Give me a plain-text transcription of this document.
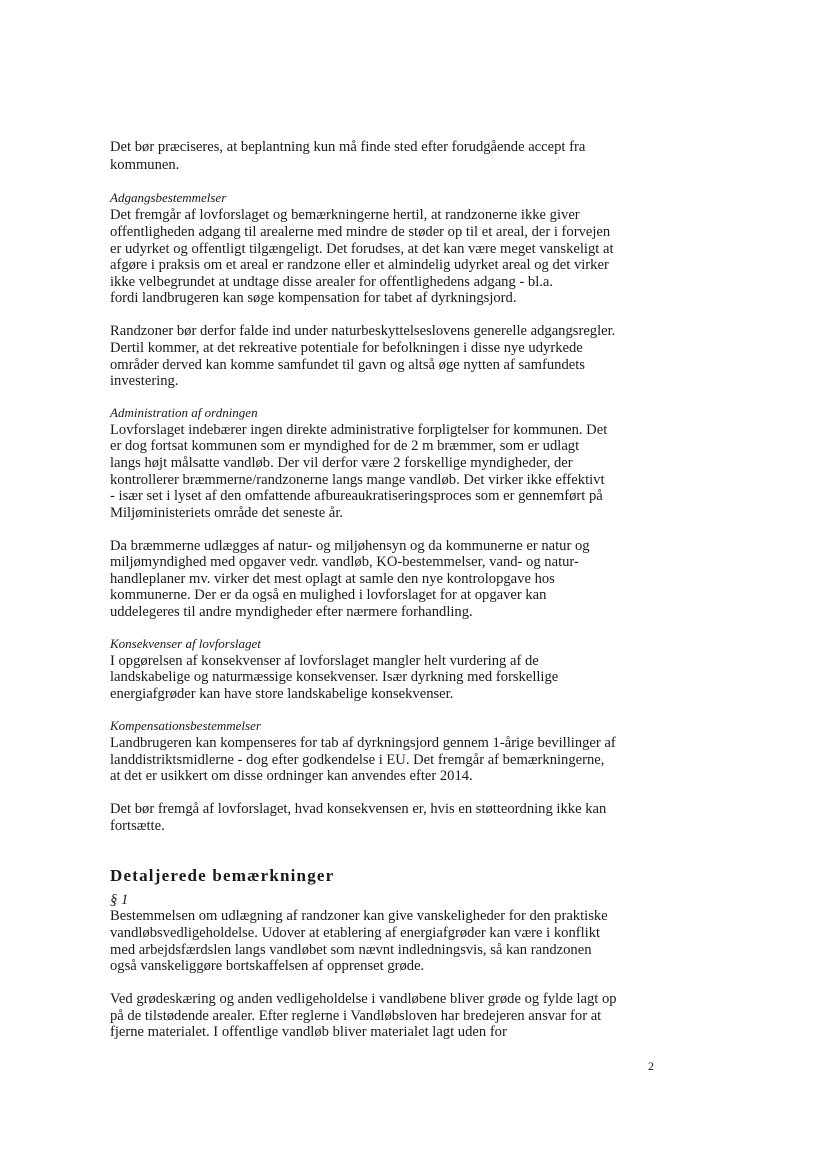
Det bør præciseres, at beplantning kun må finde sted efter forudgående accept fra
kommunen.
Adgangsbestemmelser
Det fremgår af lovforslaget og bemærkningerne hertil, at randzonerne ikke giver
offentligheden adgang til arealerne med mindre de støder op til et areal, der i forvejen
er udyrket og offentligt tilgængeligt. Det forudses, at det kan være meget vanskeligt at
afgøre i praksis om et areal er randzone eller et almindelig udyrket areal og det virker
ikke velbegrundet at undtage disse arealer for offentlighedens adgang - bl.a.
fordi landbrugeren kan søge kompensation for tabet af dyrkningsjord.
Randzoner bør derfor falde ind under naturbeskyttelseslovens generelle adgangsregler.
Dertil kommer, at det rekreative potentiale for befolkningen i disse nye udyrkede
områder derved kan komme samfundet til gavn og altså øge nytten af samfundets
investering.
Administration af ordningen
Lovforslaget indebærer ingen direkte administrative forpligtelser for kommunen. Det
er dog fortsat kommunen som er myndighed for de 2 m bræmmer, som er udlagt
langs højt målsatte vandløb. Der vil derfor være 2 forskellige myndigheder, der
kontrollerer bræmmerne/randzonerne langs mange vandløb. Det virker ikke effektivt
- især set i lyset af den omfattende afbureaukratiseringsproces som er gennemført på
Miljøministeriets område det seneste år.
Da bræmmerne udlægges af natur- og miljøhensyn og da kommunerne er natur og
miljømyndighed med opgaver vedr. vandløb, KO-bestemmelser, vand- og natur-
handleplaner mv. virker det mest oplagt at samle den nye kontrolopgave hos
kommunerne. Der er da også en mulighed i lovforslaget for at opgaver kan
uddelegeres til andre myndigheder efter nærmere forhandling.
Konsekvenser af lovforslaget
I opgørelsen af konsekvenser af lovforslaget mangler helt vurdering af de
landskabelige og naturmæssige konsekvenser. Især dyrkning med forskellige
energiafgrøder kan have store landskabelige konsekvenser.
Kompensationsbestemmelser
Landbrugeren kan kompenseres for tab af dyrkningsjord gennem 1-årige bevillinger af
landdistriktsmidlerne - dog efter godkendelse i EU. Det fremgår af bemærkningerne,
at det er usikkert om disse ordninger kan anvendes efter 2014.
Det bør fremgå af lovforslaget, hvad konsekvensen er, hvis en støtteordning ikke kan
fortsætte.
Detaljerede bemærkninger
§ 1
Bestemmelsen om udlægning af randzoner kan give vanskeligheder for den praktiske
vandløbsvedligeholdelse. Udover at etablering af energiafgrøder kan være i konflikt
med arbejdsfærdslen langs vandløbet som nævnt indledningsvis, så kan randzonen
også vanskeliggøre bortskaffelsen af opprenset grøde.
Ved grødeskæring og anden vedligeholdelse i vandløbene bliver grøde og fylde lagt op
på de tilstødende arealer. Efter reglerne i Vandløbsloven har bredejeren ansvar for at
fjerne materialet. I offentlige vandløb bliver materialet lagt uden for
2
